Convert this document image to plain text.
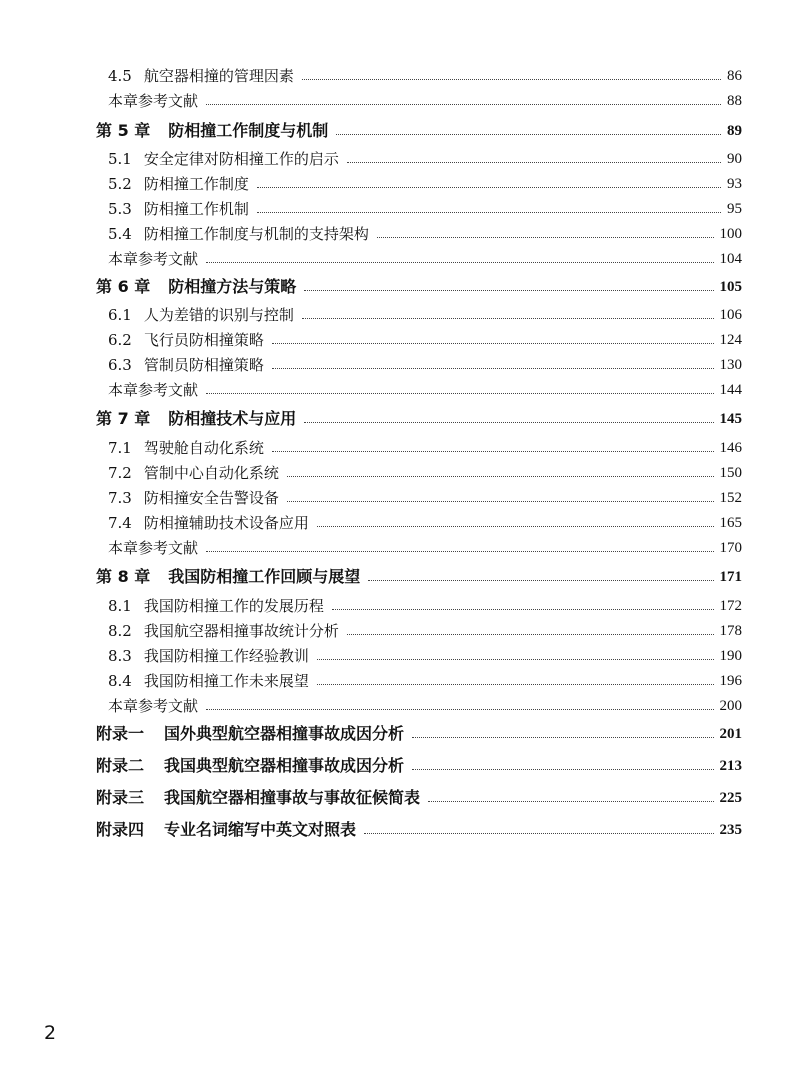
4.5 航空器相撞的管理因素	86
本章参考文献	88
第 5 章 防相撞工作制度与机制	89
5.1 安全定律对防相撞工作的启示	90
5.2 防相撞工作制度	93
5.3 防相撞工作机制	95
5.4 防相撞工作制度与机制的支持架构	100
本章参考文献	104
第 6 章 防相撞方法与策略	105
6.1 人为差错的识别与控制	106
6.2 飞行员防相撞策略	124
6.3 管制员防相撞策略	130
本章参考文献	144
第 7 章 防相撞技术与应用	145
7.1 驾驶舱自动化系统	146
7.2 管制中心自动化系统	150
7.3 防相撞安全告警设备	152
7.4 防相撞辅助技术设备应用	165
本章参考文献	170
第 8 章 我国防相撞工作回顾与展望	171
8.1 我国防相撞工作的发展历程	172
8.2 我国航空器相撞事故统计分析	178
8.3 我国防相撞工作经验教训	190
8.4 我国防相撞工作未来展望	196
本章参考文献	200
附录一 国外典型航空器相撞事故成因分析	201
附录二 我国典型航空器相撞事故成因分析	213
附录三 我国航空器相撞事故与事故征候简表	225
附录四 专业名词缩写中英文对照表	235
2
